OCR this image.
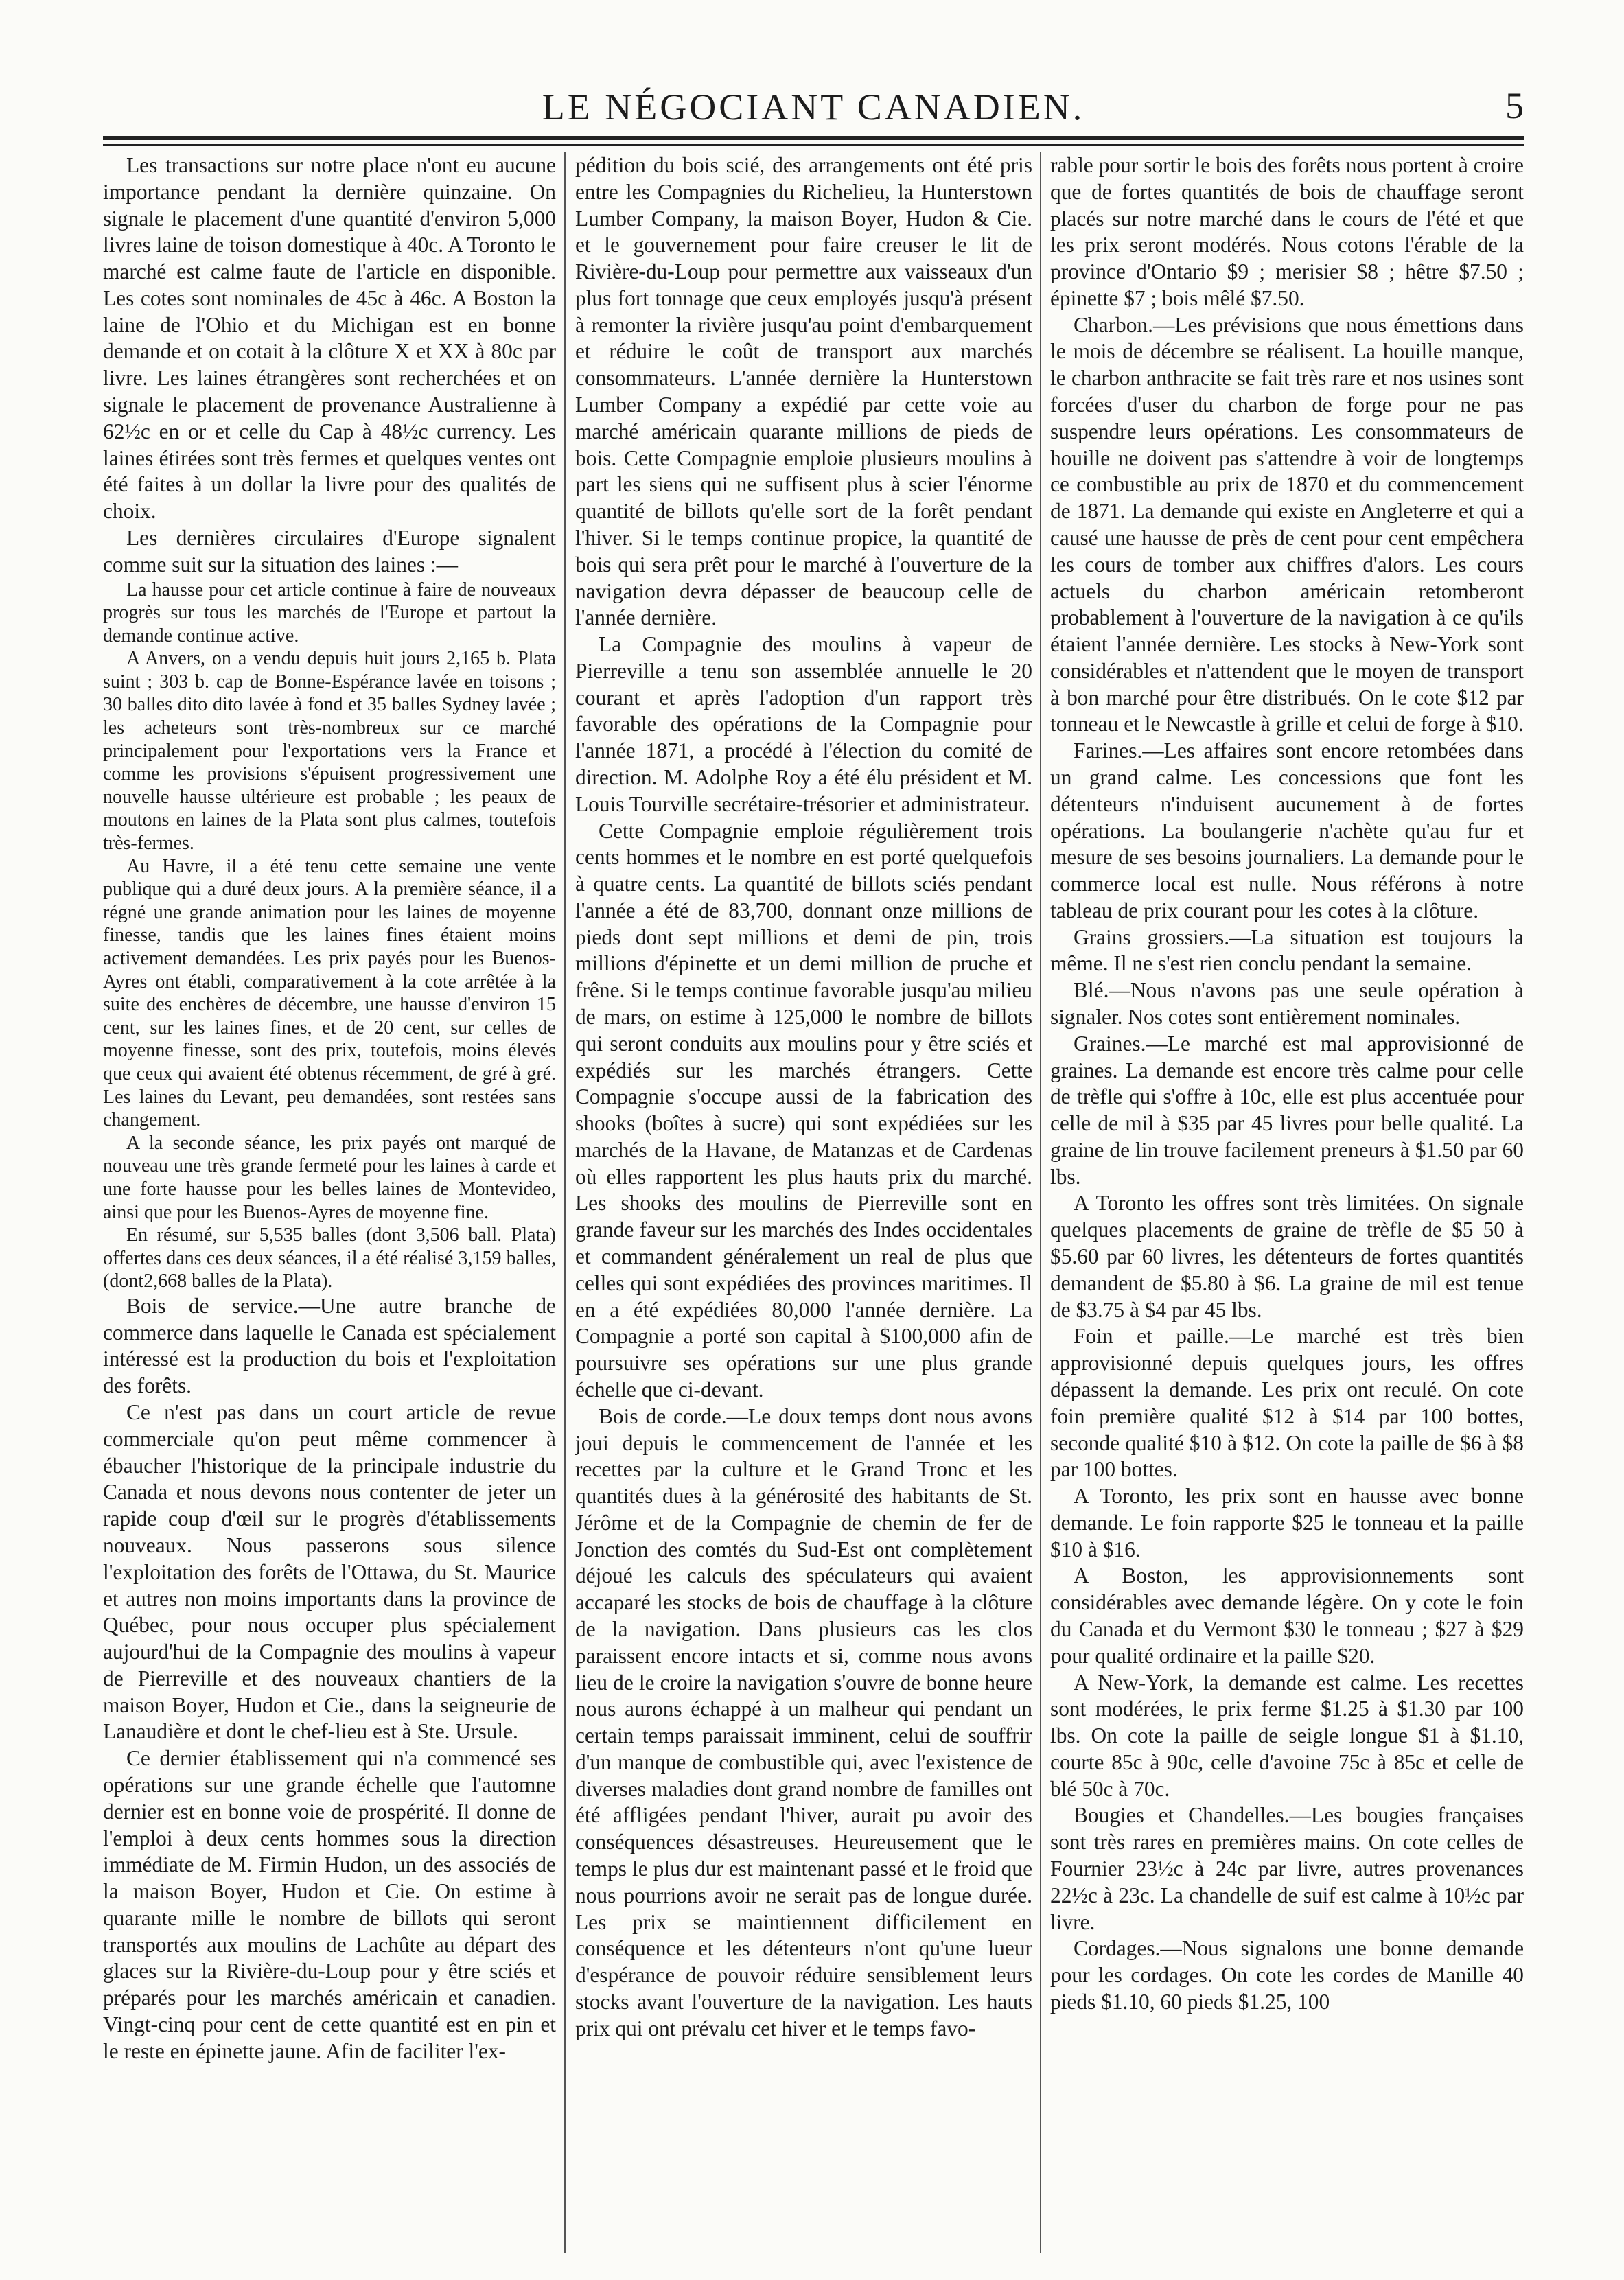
LE NÉGOCIANT CANADIEN.	5

Les transactions sur notre place n'ont eu aucune importance pendant la dernière quinzaine. On signale le placement d'une quantité d'environ 5,000 livres laine de toison domestique à 40c. A Toronto le marché est calme faute de l'article en disponible. Les cotes sont nominales de 45c à 46c. A Boston la laine de l'Ohio et du Michigan est en bonne demande et on cotait à la clôture X et XX à 80c par livre. Les laines étrangères sont recherchées et on signale le placement de provenance Australienne à 62½c en or et celle du Cap à 48½c currency. Les laines étirées sont très fermes et quelques ventes ont été faites à un dollar la livre pour des qualités de choix.

Les dernières circulaires d'Europe signalent comme suit sur la situation des laines :—

La hausse pour cet article continue à faire de nouveaux progrès sur tous les marchés de l'Europe et partout la demande continue active.

A Anvers, on a vendu depuis huit jours 2,165 b. Plata suint ; 303 b. cap de Bonne-Espérance lavée en toisons ; 30 balles dito dito lavée à fond et 35 balles Sydney lavée ; les acheteurs sont très-nombreux sur ce marché principalement pour l'exportations vers la France et comme les provisions s'épuisent progressivement une nouvelle hausse ultérieure est probable ; les peaux de moutons en laines de la Plata sont plus calmes, toutefois très-fermes.

Au Havre, il a été tenu cette semaine une vente publique qui a duré deux jours. A la première séance, il a régné une grande animation pour les laines de moyenne finesse, tandis que les laines fines étaient moins activement demandées. Les prix payés pour les Buenos-Ayres ont établi, comparativement à la cote arrêtée à la suite des enchères de décembre, une hausse d'environ 15 cent, sur les laines fines, et de 20 cent, sur celles de moyenne finesse, sont des prix, toutefois, moins élevés que ceux qui avaient été obtenus récemment, de gré à gré. Les laines du Levant, peu demandées, sont restées sans changement.

A la seconde séance, les prix payés ont marqué de nouveau une très grande fermeté pour les laines à carde et une forte hausse pour les belles laines de Montevideo, ainsi que pour les Buenos-Ayres de moyenne fine.

En résumé, sur 5,535 balles (dont 3,506 ball. Plata) offertes dans ces deux séances, il a été réalisé 3,159 balles, (dont2,668 balles de la Plata).

Bois de service.—Une autre branche de commerce dans laquelle le Canada est spécialement intéressé est la production du bois et l'exploitation des forêts.

Ce n'est pas dans un court article de revue commerciale qu'on peut même commencer à ébaucher l'historique de la principale industrie du Canada et nous devons nous contenter de jeter un rapide coup d'œil sur le progrès d'établissements nouveaux. Nous passerons sous silence l'exploitation des forêts de l'Ottawa, du St. Maurice et autres non moins importants dans la province de Québec, pour nous occuper plus spécialement aujourd'hui de la Compagnie des moulins à vapeur de Pierreville et des nouveaux chantiers de la maison Boyer, Hudon et Cie., dans la seigneurie de Lanaudière et dont le chef-lieu est à Ste. Ursule.

Ce dernier établissement qui n'a commencé ses opérations sur une grande échelle que l'automne dernier est en bonne voie de prospérité. Il donne de l'emploi à deux cents hommes sous la direction immédiate de M. Firmin Hudon, un des associés de la maison Boyer, Hudon et Cie. On estime à quarante mille le nombre de billots qui seront transportés aux moulins de Lachûte au départ des glaces sur la Rivière-du-Loup pour y être sciés et préparés pour les marchés américain et canadien. Vingt-cinq pour cent de cette quantité est en pin et le reste en épinette jaune. Afin de faciliter l'ex-

pédition du bois scié, des arrangements ont été pris entre les Compagnies du Richelieu, la Hunterstown Lumber Company, la maison Boyer, Hudon & Cie. et le gouvernement pour faire creuser le lit de Rivière-du-Loup pour permettre aux vaisseaux d'un plus fort tonnage que ceux employés jusqu'à présent à remonter la rivière jusqu'au point d'embarquement et réduire le coût de transport aux marchés consommateurs. L'année dernière la Hunterstown Lumber Company a expédié par cette voie au marché américain quarante millions de pieds de bois. Cette Compagnie emploie plusieurs moulins à part les siens qui ne suffisent plus à scier l'énorme quantité de billots qu'elle sort de la forêt pendant l'hiver. Si le temps continue propice, la quantité de bois qui sera prêt pour le marché à l'ouverture de la navigation devra dépasser de beaucoup celle de l'année dernière.

La Compagnie des moulins à vapeur de Pierreville a tenu son assemblée annuelle le 20 courant et après l'adoption d'un rapport très favorable des opérations de la Compagnie pour l'année 1871, a procédé à l'élection du comité de direction. M. Adolphe Roy a été élu président et M. Louis Tourville secrétaire-trésorier et administrateur.

Cette Compagnie emploie régulièrement trois cents hommes et le nombre en est porté quelquefois à quatre cents. La quantité de billots sciés pendant l'année a été de 83,700, donnant onze millions de pieds dont sept millions et demi de pin, trois millions d'épinette et un demi million de pruche et frêne. Si le temps continue favorable jusqu'au milieu de mars, on estime à 125,000 le nombre de billots qui seront conduits aux moulins pour y être sciés et expédiés sur les marchés étrangers. Cette Compagnie s'occupe aussi de la fabrication des shooks (boîtes à sucre) qui sont expédiées sur les marchés de la Havane, de Matanzas et de Cardenas où elles rapportent les plus hauts prix du marché. Les shooks des moulins de Pierreville sont en grande faveur sur les marchés des Indes occidentales et commandent généralement un real de plus que celles qui sont expédiées des provinces maritimes. Il en a été expédiées 80,000 l'année dernière. La Compagnie a porté son capital à $100,000 afin de poursuivre ses opérations sur une plus grande échelle que ci-devant.

Bois de corde.—Le doux temps dont nous avons joui depuis le commencement de l'année et les recettes par la culture et le Grand Tronc et les quantités dues à la générosité des habitants de St. Jérôme et de la Compagnie de chemin de fer de Jonction des comtés du Sud-Est ont complètement déjoué les calculs des spéculateurs qui avaient accaparé les stocks de bois de chauffage à la clôture de la navigation. Dans plusieurs cas les clos paraissent encore intacts et si, comme nous avons lieu de le croire la navigation s'ouvre de bonne heure nous aurons échappé à un malheur qui pendant un certain temps paraissait imminent, celui de souffrir d'un manque de combustible qui, avec l'existence de diverses maladies dont grand nombre de familles ont été affligées pendant l'hiver, aurait pu avoir des conséquences désastreuses. Heureusement que le temps le plus dur est maintenant passé et le froid que nous pourrions avoir ne serait pas de longue durée. Les prix se maintiennent difficilement en conséquence et les détenteurs n'ont qu'une lueur d'espérance de pouvoir réduire sensiblement leurs stocks avant l'ouverture de la navigation. Les hauts prix qui ont prévalu cet hiver et le temps favo-

rable pour sortir le bois des forêts nous portent à croire que de fortes quantités de bois de chauffage seront placés sur notre marché dans le cours de l'été et que les prix seront modérés. Nous cotons l'érable de la province d'Ontario $9 ; merisier $8 ; hêtre $7.50 ; épinette $7 ; bois mêlé $7.50.

Charbon.—Les prévisions que nous émettions dans le mois de décembre se réalisent. La houille manque, le charbon anthracite se fait très rare et nos usines sont forcées d'user du charbon de forge pour ne pas suspendre leurs opérations. Les consommateurs de houille ne doivent pas s'attendre à voir de longtemps ce combustible au prix de 1870 et du commencement de 1871. La demande qui existe en Angleterre et qui a causé une hausse de près de cent pour cent empêchera les cours de tomber aux chiffres d'alors. Les cours actuels du charbon américain retomberont probablement à l'ouverture de la navigation à ce qu'ils étaient l'année dernière. Les stocks à New-York sont considérables et n'attendent que le moyen de transport à bon marché pour être distribués. On le cote $12 par tonneau et le Newcastle à grille et celui de forge à $10.

Farines.—Les affaires sont encore retombées dans un grand calme. Les concessions que font les détenteurs n'induisent aucunement à de fortes opérations. La boulangerie n'achète qu'au fur et mesure de ses besoins journaliers. La demande pour le commerce local est nulle. Nous référons à notre tableau de prix courant pour les cotes à la clôture.

Grains grossiers.—La situation est toujours la même. Il ne s'est rien conclu pendant la semaine.

Blé.—Nous n'avons pas une seule opération à signaler. Nos cotes sont entièrement nominales.

Graines.—Le marché est mal approvisionné de graines. La demande est encore très calme pour celle de trèfle qui s'offre à 10c, elle est plus accentuée pour celle de mil à $35 par 45 livres pour belle qualité. La graine de lin trouve facilement preneurs à $1.50 par 60 lbs.

A Toronto les offres sont très limitées. On signale quelques placements de graine de trèfle de $5 50 à $5.60 par 60 livres, les détenteurs de fortes quantités demandent de $5.80 à $6. La graine de mil est tenue de $3.75 à $4 par 45 lbs.

Foin et paille.—Le marché est très bien approvisionné depuis quelques jours, les offres dépassent la demande. Les prix ont reculé. On cote foin première qualité $12 à $14 par 100 bottes, seconde qualité $10 à $12. On cote la paille de $6 à $8 par 100 bottes.

A Toronto, les prix sont en hausse avec bonne demande. Le foin rapporte $25 le tonneau et la paille $10 à $16.

A Boston, les approvisionnements sont considérables avec demande légère. On y cote le foin du Canada et du Vermont $30 le tonneau ; $27 à $29 pour qualité ordinaire et la paille $20.

A New-York, la demande est calme. Les recettes sont modérées, le prix ferme $1.25 à $1.30 par 100 lbs. On cote la paille de seigle longue $1 à $1.10, courte 85c à 90c, celle d'avoine 75c à 85c et celle de blé 50c à 70c.

Bougies et Chandelles.—Les bougies françaises sont très rares en premières mains. On cote celles de Fournier 23½c à 24c par livre, autres provenances 22½c à 23c. La chandelle de suif est calme à 10½c par livre.

Cordages.—Nous signalons une bonne demande pour les cordages. On cote les cordes de Manille 40 pieds $1.10, 60 pieds $1.25, 100
